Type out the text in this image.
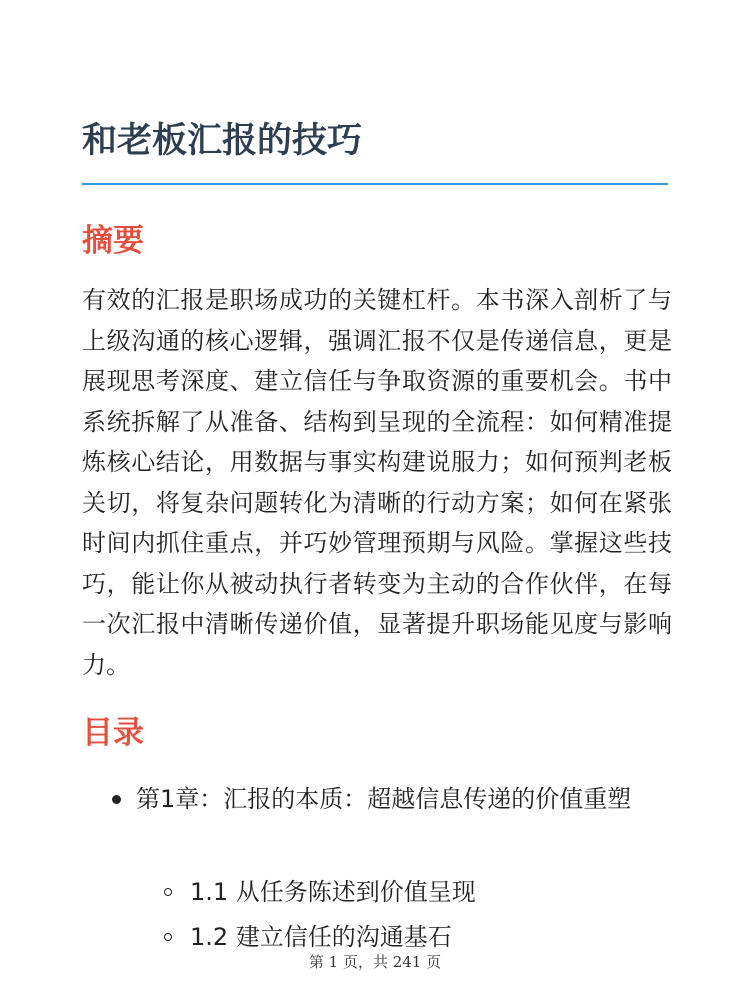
和老板汇报的技巧
摘要

有效的汇报是职场成功的关键杠杆。本书深入剖析了与上级沟通的核心逻辑，强调汇报不仅是传递信息，更是展现思考深度、建立信任与争取资源的重要机会。书中系统拆解了从准备、结构到呈现的全流程：如何精准提炼核心结论，用数据与事实构建说服力；如何预判老板关切，将复杂问题转化为清晰的行动方案；如何在紧张时间内抓住重点，并巧妙管理预期与风险。掌握这些技巧，能让你从被动执行者转变为主动的合作伙伴，在每一次汇报中清晰传递价值，显著提升职场能见度与影响力。

目录
第1章：汇报的本质：超越信息传递的价值重塑
1.1 从任务陈述到价值呈现
1.2 建立信任的沟通基石
第 1 页，共 241 页
